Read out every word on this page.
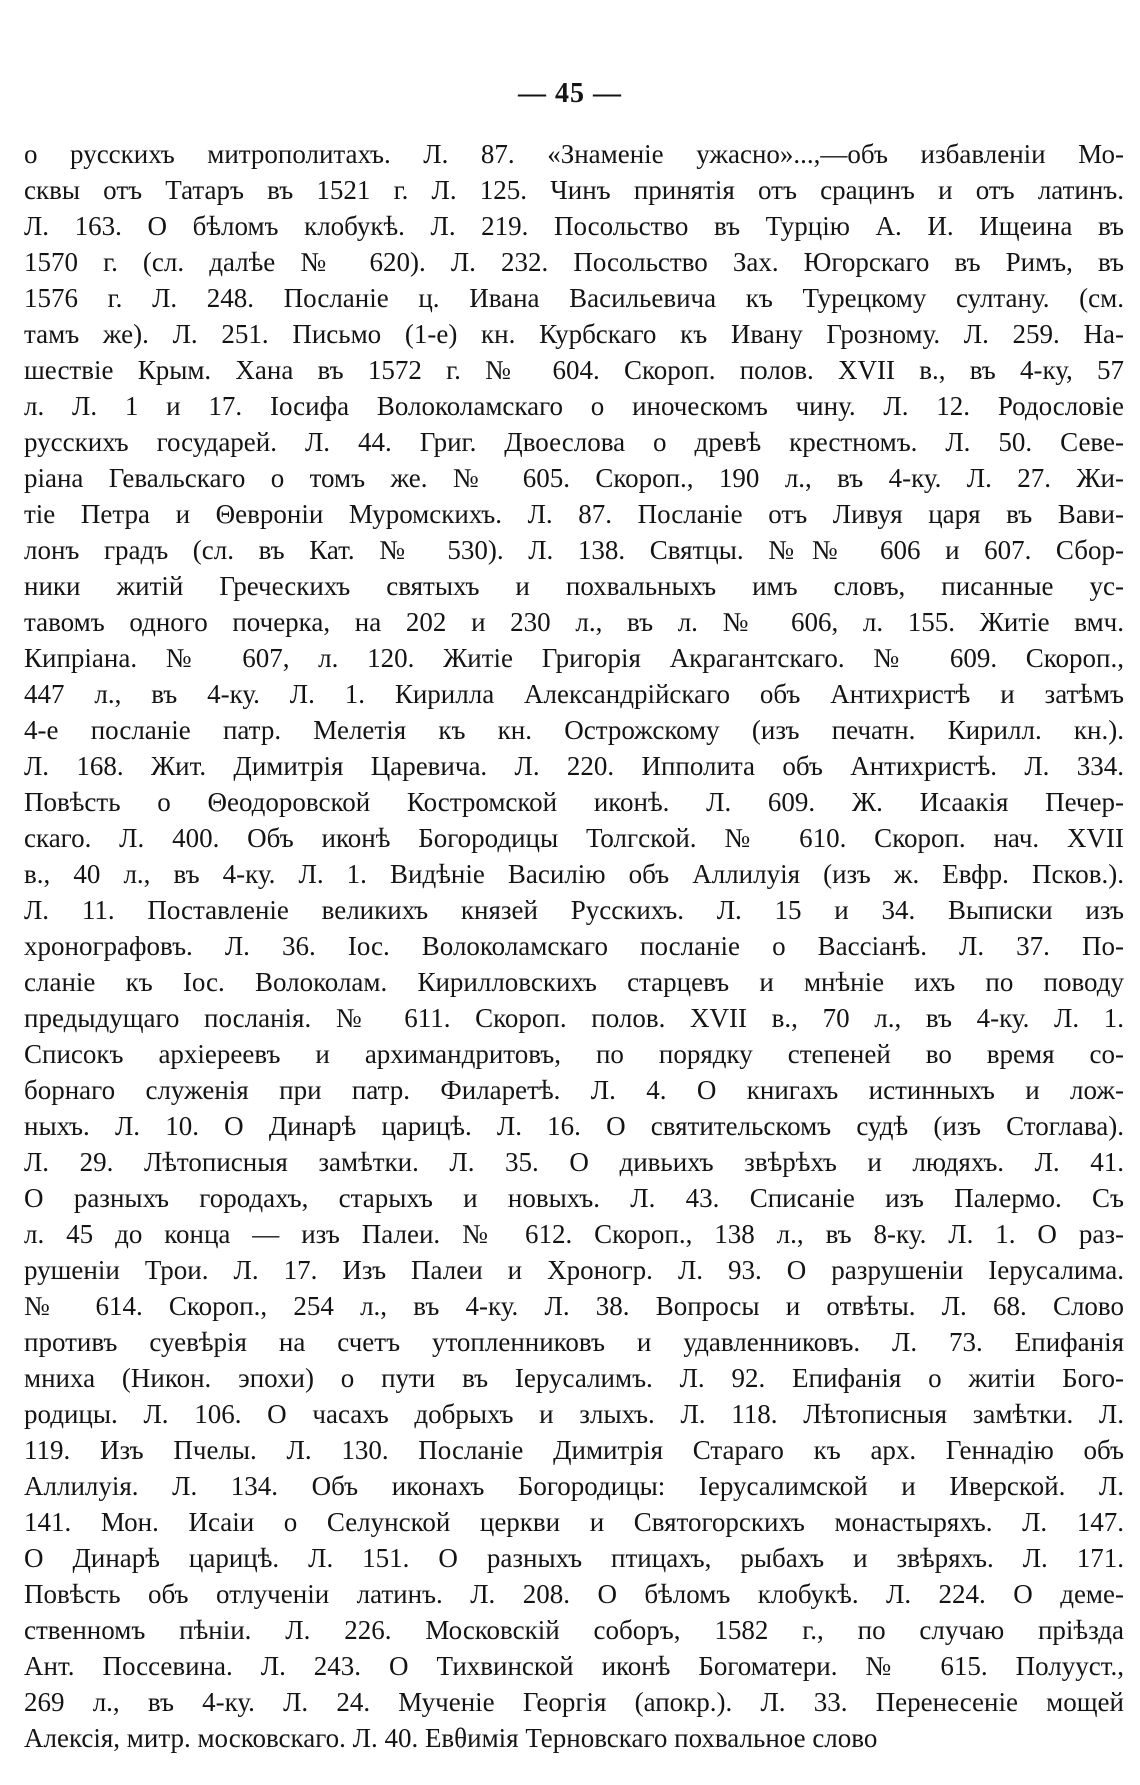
— 45 —
о русскихъ митрополитахъ. Л. 87. «Знаменіе ужасно»...,—объ избавленіи Мо-
сквы отъ Татаръ въ 1521 г. Л. 125. Чинъ принятія отъ срацинъ и отъ латинъ.
Л. 163. О бѣломъ клобукѣ. Л. 219. Посольство въ Турцію А. И. Ищеина въ
1570 г. (сл. далѣе № 620). Л. 232. Посольство Зах. Югорскаго въ Римъ, въ
1576 г. Л. 248. Посланіе ц. Ивана Васильевича къ Турецкому султану. (см.
тамъ же). Л. 251. Письмо (1-е) кн. Курбскаго къ Ивану Грозному. Л. 259. На-
шествіе Крым. Хана въ 1572 г. № 604. Скороп. полов. XVII в., въ 4-ку, 57
л. Л. 1 и 17. Іосифа Волоколамскаго о иноческомъ чину. Л. 12. Родословіе
русскихъ государей. Л. 44. Григ. Двоеслова о древѣ крестномъ. Л. 50. Севе-
ріана Гевальскаго о томъ же. № 605. Скороп., 190 л., въ 4-ку. Л. 27. Жи-
тіе Петра и Θевроніи Муромскихъ. Л. 87. Посланіе отъ Ливуя царя въ Вави-
лонъ градъ (сл. въ Кат. № 530). Л. 138. Святцы. №№ 606 и 607. Сбор-
ники житій Греческихъ святыхъ и похвальныхъ имъ словъ, писанные ус-
тавомъ одного почерка, на 202 и 230 л., въ л. № 606, л. 155. Житіе вмч.
Кипріана. № 607, л. 120. Житіе Григорія Акрагантскаго. № 609. Скороп.,
447 л., въ 4-ку. Л. 1. Кирилла Александрійскаго объ Антихристѣ и затѣмъ
4-е посланіе патр. Мелетія къ кн. Острожскому (изъ печатн. Кирилл. кн.).
Л. 168. Жит. Димитрія Царевича. Л. 220. Ипполита объ Антихристѣ. Л. 334.
Повѣсть о Θеодоровской Костромской иконѣ. Л. 609. Ж. Исаакія Печер-
скаго. Л. 400. Объ иконѣ Богородицы Толгской. № 610. Скороп. нач. XVII
в., 40 л., въ 4-ку. Л. 1. Видѣніе Василію объ Аллилуія (изъ ж. Евфр. Псков.).
Л. 11. Поставленіе великихъ князей Русскихъ. Л. 15 и 34. Выписки изъ
хронографовъ. Л. 36. Іос. Волоколамскаго посланіе о Вассіанѣ. Л. 37. По-
сланіе къ Іос. Волоколам. Кирилловскихъ старцевъ и мнѣніе ихъ по поводу
предыдущаго посланія. № 611. Скороп. полов. XVII в., 70 л., въ 4-ку. Л. 1.
Списокъ архіереевъ и архимандритовъ, по порядку степеней во время со-
борнаго служенія при патр. Филаретѣ. Л. 4. О книгахъ истинныхъ и лож-
ныхъ. Л. 10. О Динарѣ царицѣ. Л. 16. О святительскомъ судѣ (изъ Стоглава).
Л. 29. Лѣтописныя замѣтки. Л. 35. О дивьихъ звѣрѣхъ и людяхъ. Л. 41.
О разныхъ городахъ, старыхъ и новыхъ. Л. 43. Списаніе изъ Палермо. Съ
л. 45 до конца — изъ Палеи. № 612. Скороп., 138 л., въ 8-ку. Л. 1. О раз-
рушеніи Трои. Л. 17. Изъ Палеи и Хроногр. Л. 93. О разрушеніи Іерусалима.
№ 614. Скороп., 254 л., въ 4-ку. Л. 38. Вопросы и отвѣты. Л. 68. Слово
противъ суевѣрія на счетъ утопленниковъ и удавленниковъ. Л. 73. Епифанія
мниха (Никон. эпохи) о пути въ Іерусалимъ. Л. 92. Епифанія о житіи Бого-
родицы. Л. 106. О часахъ добрыхъ и злыхъ. Л. 118. Лѣтописныя замѣтки. Л.
119. Изъ Пчелы. Л. 130. Посланіе Димитрія Стараго къ арх. Геннадію объ
Аллилуія. Л. 134. Объ иконахъ Богородицы: Іерусалимской и Иверской. Л.
141. Мон. Исаіи о Селунской церкви и Святогорскихъ монастыряхъ. Л. 147.
О Динарѣ царицѣ. Л. 151. О разныхъ птицахъ, рыбахъ и звѣряхъ. Л. 171.
Повѣсть объ отлученіи латинъ. Л. 208. О бѣломъ клобукѣ. Л. 224. О деме-
ственномъ пѣніи. Л. 226. Московскій соборъ, 1582 г., по случаю пріѣзда
Ант. Поссевина. Л. 243. О Тихвинской иконѣ Богоматери. № 615. Полууст.,
269 л., въ 4-ку. Л. 24. Мученіе Георгія (апокр.). Л. 33. Перенесеніе мощей
Алексія, митр. московскаго. Л. 40. Евθимія Терновскаго похвальное слово
